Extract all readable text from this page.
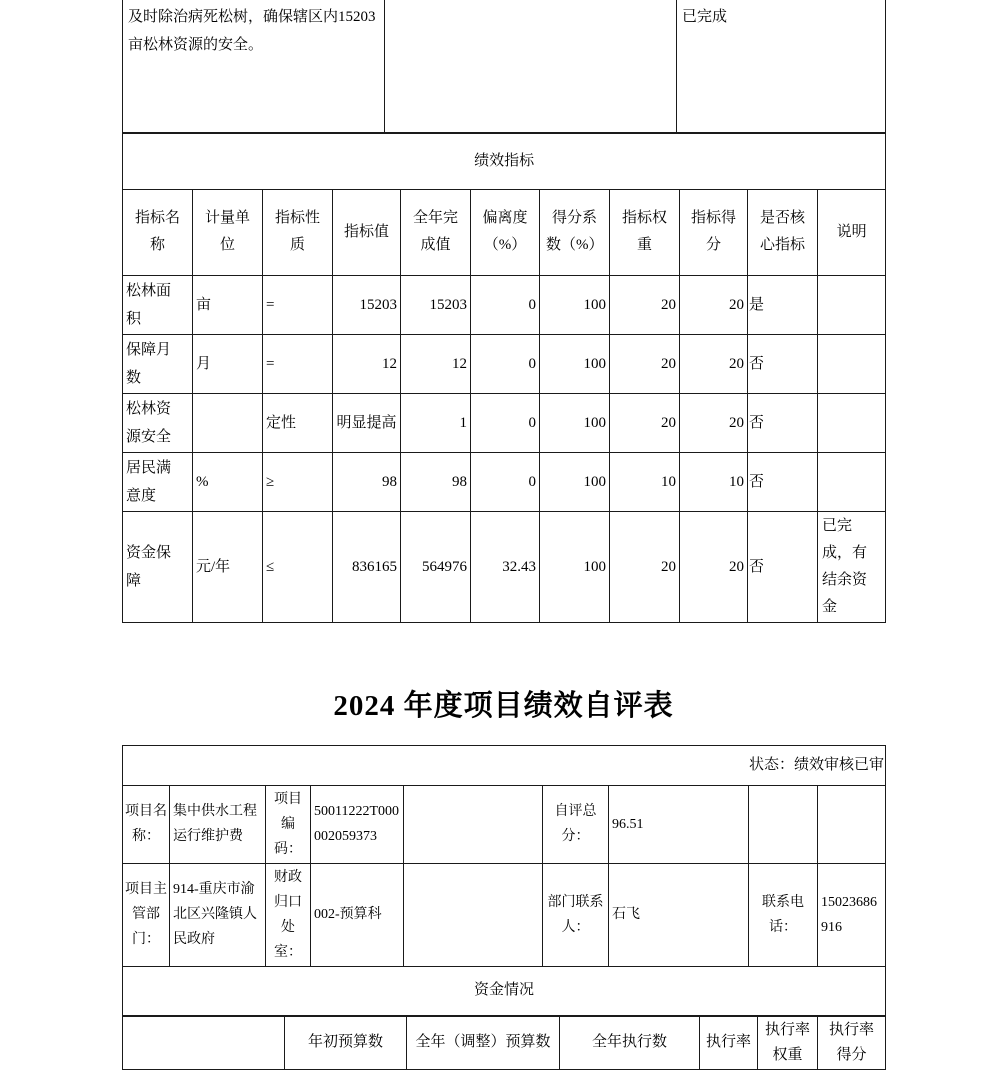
及时除治病死松树，确保辖区内15203 亩松林资源的安全。		已完成
绩效指标										
指标名称	计量单位	指标性质	指标值	全年完成值	偏离度（%）	得分系数（%）	指标权重	指标得分	是否核心指标	说明
松林面积	亩	=	15203	15203	0	100	20	20	是	
保障月数	月	=	12	12	0	100	20	20	否	
松林资源安全		定性	明显提高	1	0	100	20	20	否	
居民满意度	%	≥	98	98	0	100	10	10	否	
资金保障	元/年	≤	836165	564976	32.43	100	20	20	否	已完成，有结余资金
2024 年度项目绩效自评表
状态：绩效审核已审								
项目名称：	集中供水工程运行维护费	项目编码：	50011222T000002059373		自评总分：	96.51		
项目主管部门：	914-重庆市渝北区兴隆镇人民政府	财政归口处室：	002-预算科		部门联系人：	石飞	联系电话：	15023686916
资金情况								
	年初预算数	全年（调整）预算数	全年执行数	执行率	执行率权重	执行率得分
